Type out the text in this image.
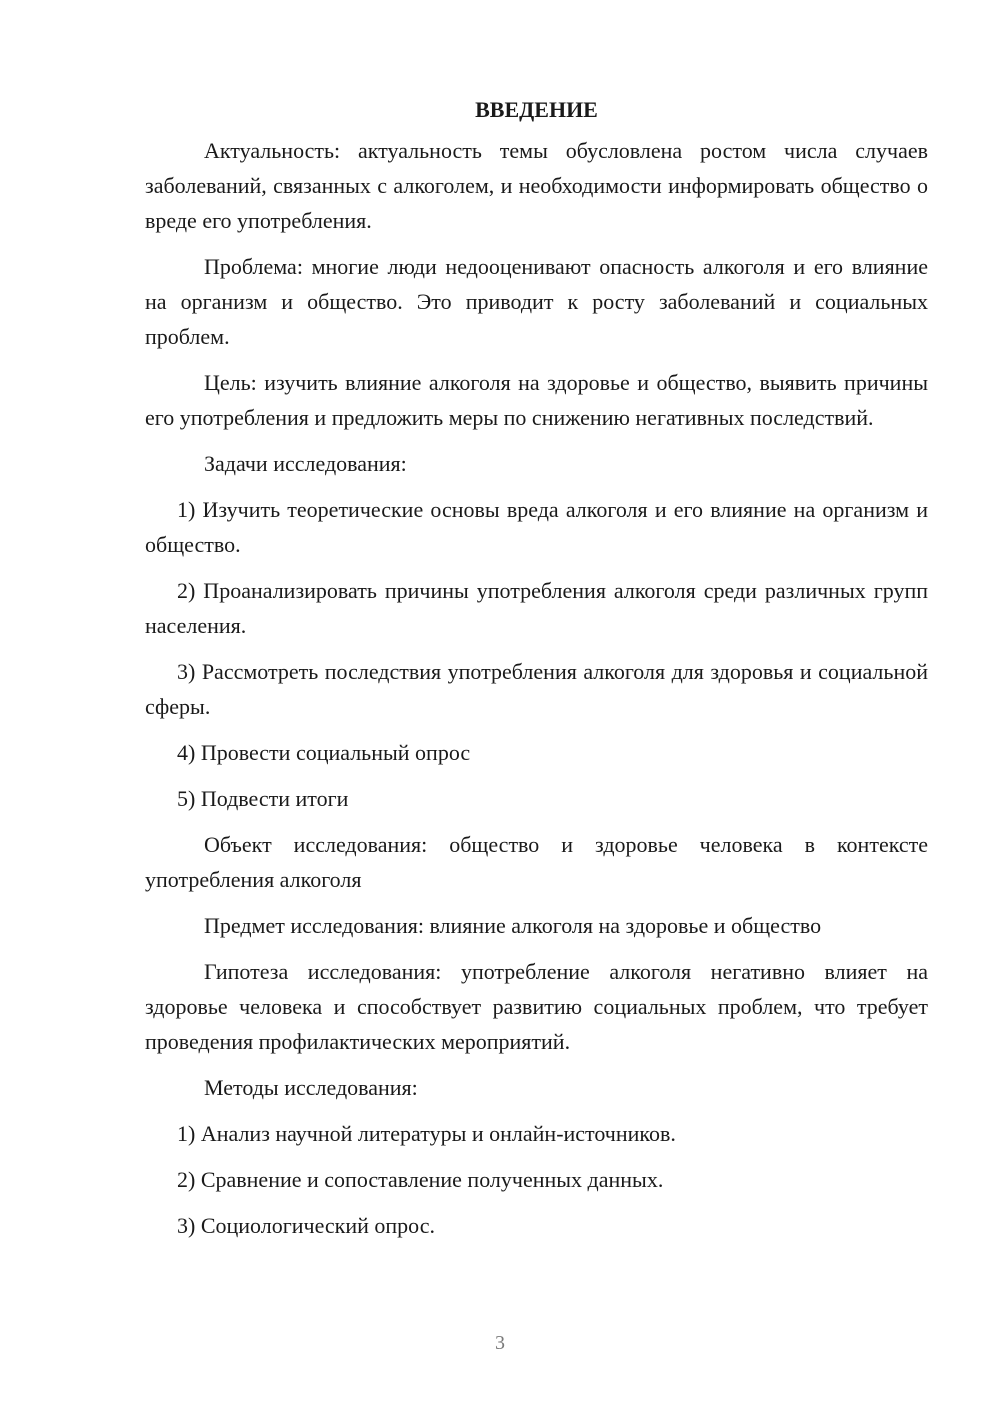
ВВЕДЕНИЕ

Актуальность: актуальность темы обусловлена ростом числа случаев заболеваний, связанных с алкоголем, и необходимости информировать общество о вреде его употребления.

Проблема: многие люди недооценивают опасность алкоголя и его влияние на организм и общество. Это приводит к росту заболеваний и социальных проблем.

Цель: изучить влияние алкоголя на здоровье и общество, выявить причины его употребления и предложить меры по снижению негативных последствий.

Задачи исследования:

1) Изучить теоретические основы вреда алкоголя и его влияние на организм и общество.

2) Проанализировать причины употребления алкоголя среди различных групп населения.

3) Рассмотреть последствия употребления алкоголя для здоровья и социальной сферы.

4) Провести социальный опрос

5) Подвести итоги

Объект исследования: общество и здоровье человека в контексте употребления алкоголя

Предмет исследования: влияние алкоголя на здоровье и общество

Гипотеза исследования: употребление алкоголя негативно влияет на здоровье человека и способствует развитию социальных проблем, что требует проведения профилактических мероприятий.

Методы исследования:

1) Анализ научной литературы и онлайн-источников.

2) Сравнение и сопоставление полученных данных.

3) Социологический опрос.

3
